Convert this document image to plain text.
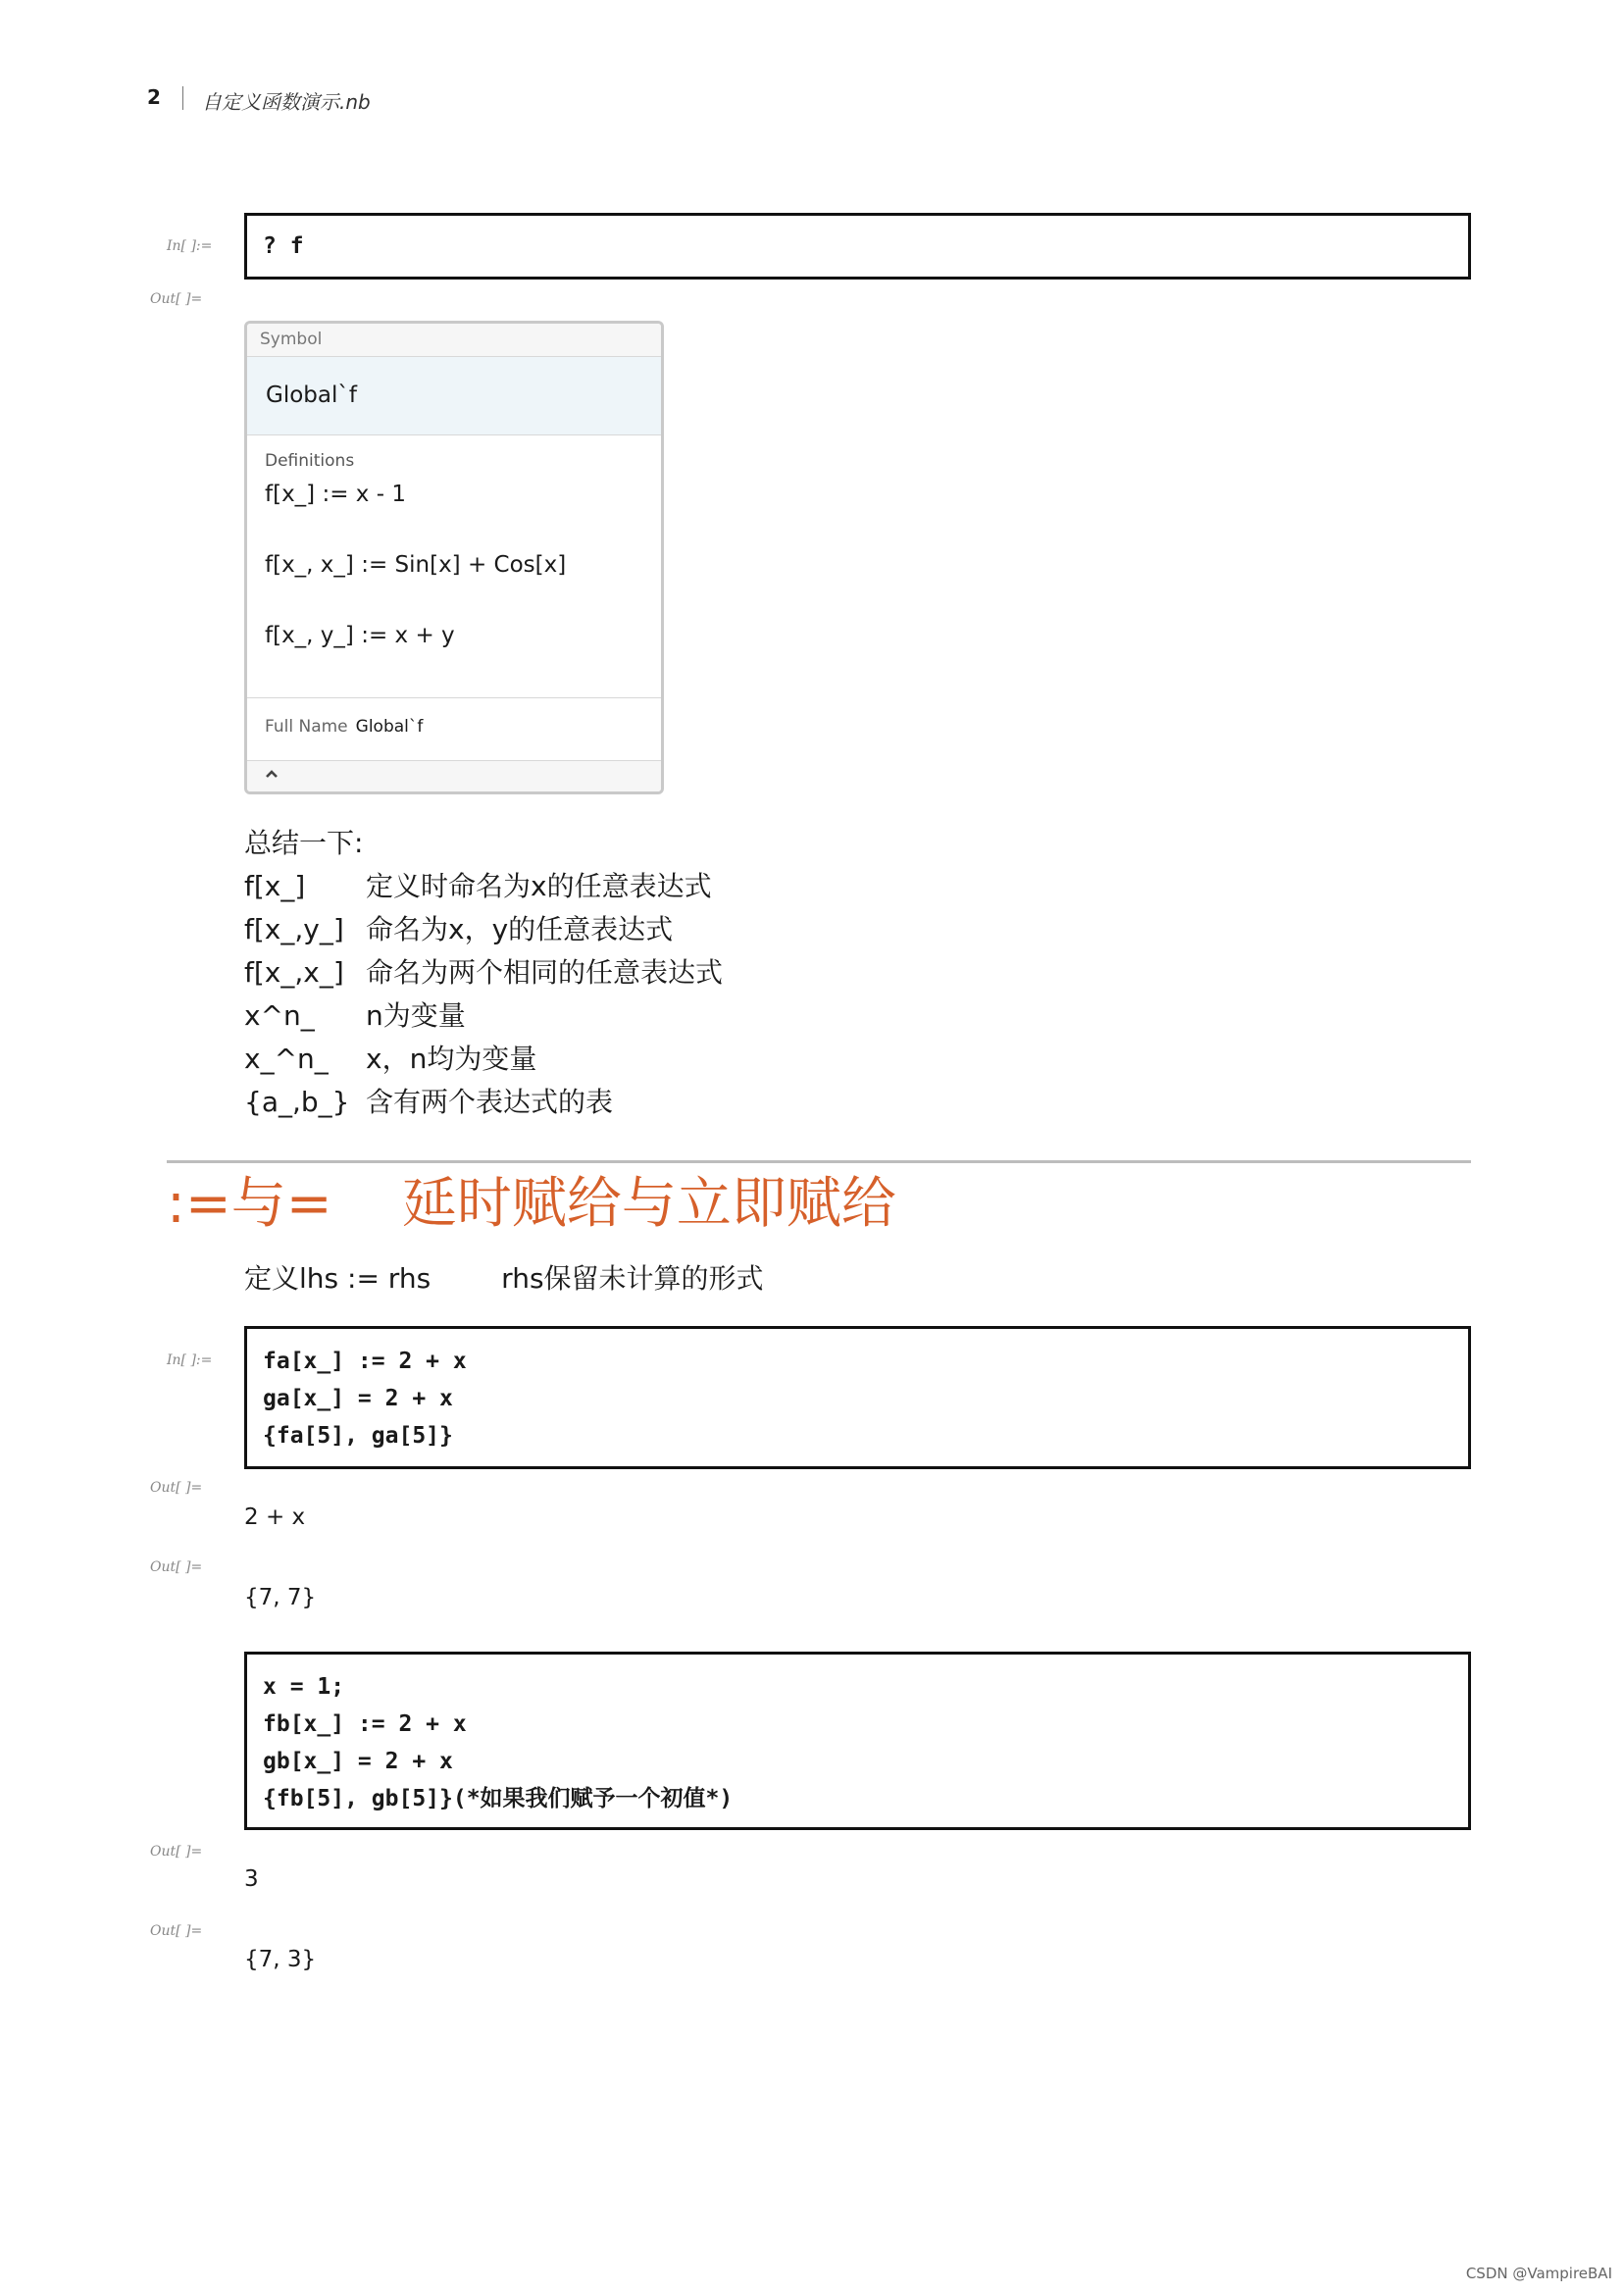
2 自定义函数演示.nb
In[ ]:=	? f
Out[ ]=
Symbol
Global`f
Definitions
f[x_] := x - 1
f[x_, x_] := Sin[x] + Cos[x]
f[x_, y_] := x + y
Full Name Global`f
总结一下:
f[x_]	定义时命名为x的任意表达式
f[x_,y_] 命名为x，y的任意表达式
f[x_,x_] 命名为两个相同的任意表达式
x^n_	n为变量
x_^n_	x，n均为变量
{a_,b_} 含有两个表达式的表
:=与=    延时赋给与立即赋给
定义lhs := rhs	rhs保留未计算的形式
In[ ]:=	fa[x_] := 2 + x
ga[x_] = 2 + x
{fa[5], ga[5]}
Out[ ]=
2 + x
Out[ ]=
{7, 7}
x = 1;
fb[x_] := 2 + x
gb[x_] = 2 + x
{fb[5], gb[5]}(*如果我们赋予一个初值*)
Out[ ]=
3
Out[ ]=
{7, 3}
CSDN @VampireBAI
